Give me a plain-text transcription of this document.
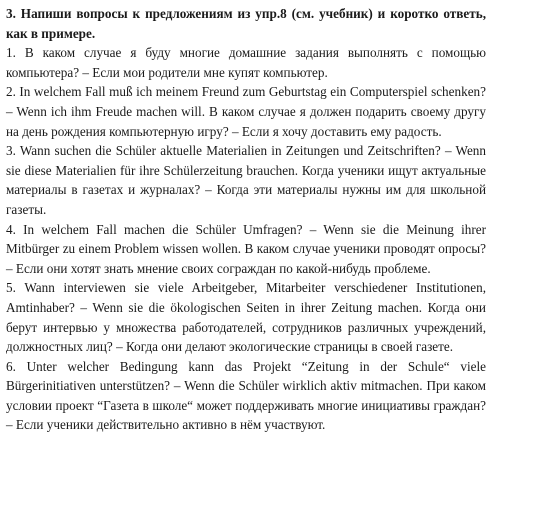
3. Напиши вопросы к предложениям из упр.8 (см. учебник) и коротко ответь, как в примере.

1. В каком случае я буду многие домашние задания выполнять с помощью компьютера? – Если мои родители мне купят компьютер.

2. In welchem Fall muß ich meinem Freund zum Geburtstag ein Computerspiel schenken? – Wenn ich ihm Freude machen will. В каком случае я должен подарить своему другу на день рождения компьютерную игру? – Если я хочу доставить ему радость.

3. Wann suchen die Schüler aktuelle Materialien in Zeitungen und Zeitschriften? – Wenn sie diese Materialien für ihre Schülerzeitung brauchen. Когда ученики ищут актуальные материалы в газетах и журналах? – Когда эти материалы нужны им для школьной газеты.

4. In welchem Fall machen die Schüler Umfragen? – Wenn sie die Meinung ihrer Mitbürger zu einem Problem wissen wollen. В каком случае ученики проводят опросы? – Если они хотят знать мнение своих сограждан по какой-нибудь проблеме.

5. Wann interviewen sie viele Arbeitgeber, Mitarbeiter verschiedener Institutionen, Amtinhaber? – Wenn sie die ökologischen Seiten in ihrer Zeitung machen. Когда они берут интервью у множества работодателей, сотрудников различных учреждений, должностных лиц? – Когда они делают экологические страницы в своей газете.

6. Unter welcher Bedingung kann das Projekt “Zeitung in der Schule“ viele Bürgerinitiativen unterstützen? – Wenn die Schüler wirklich aktiv mitmachen. При каком условии проект “Газета в школе“ может поддерживать многие инициативы граждан? – Если ученики действительно активно в нём участвуют.
